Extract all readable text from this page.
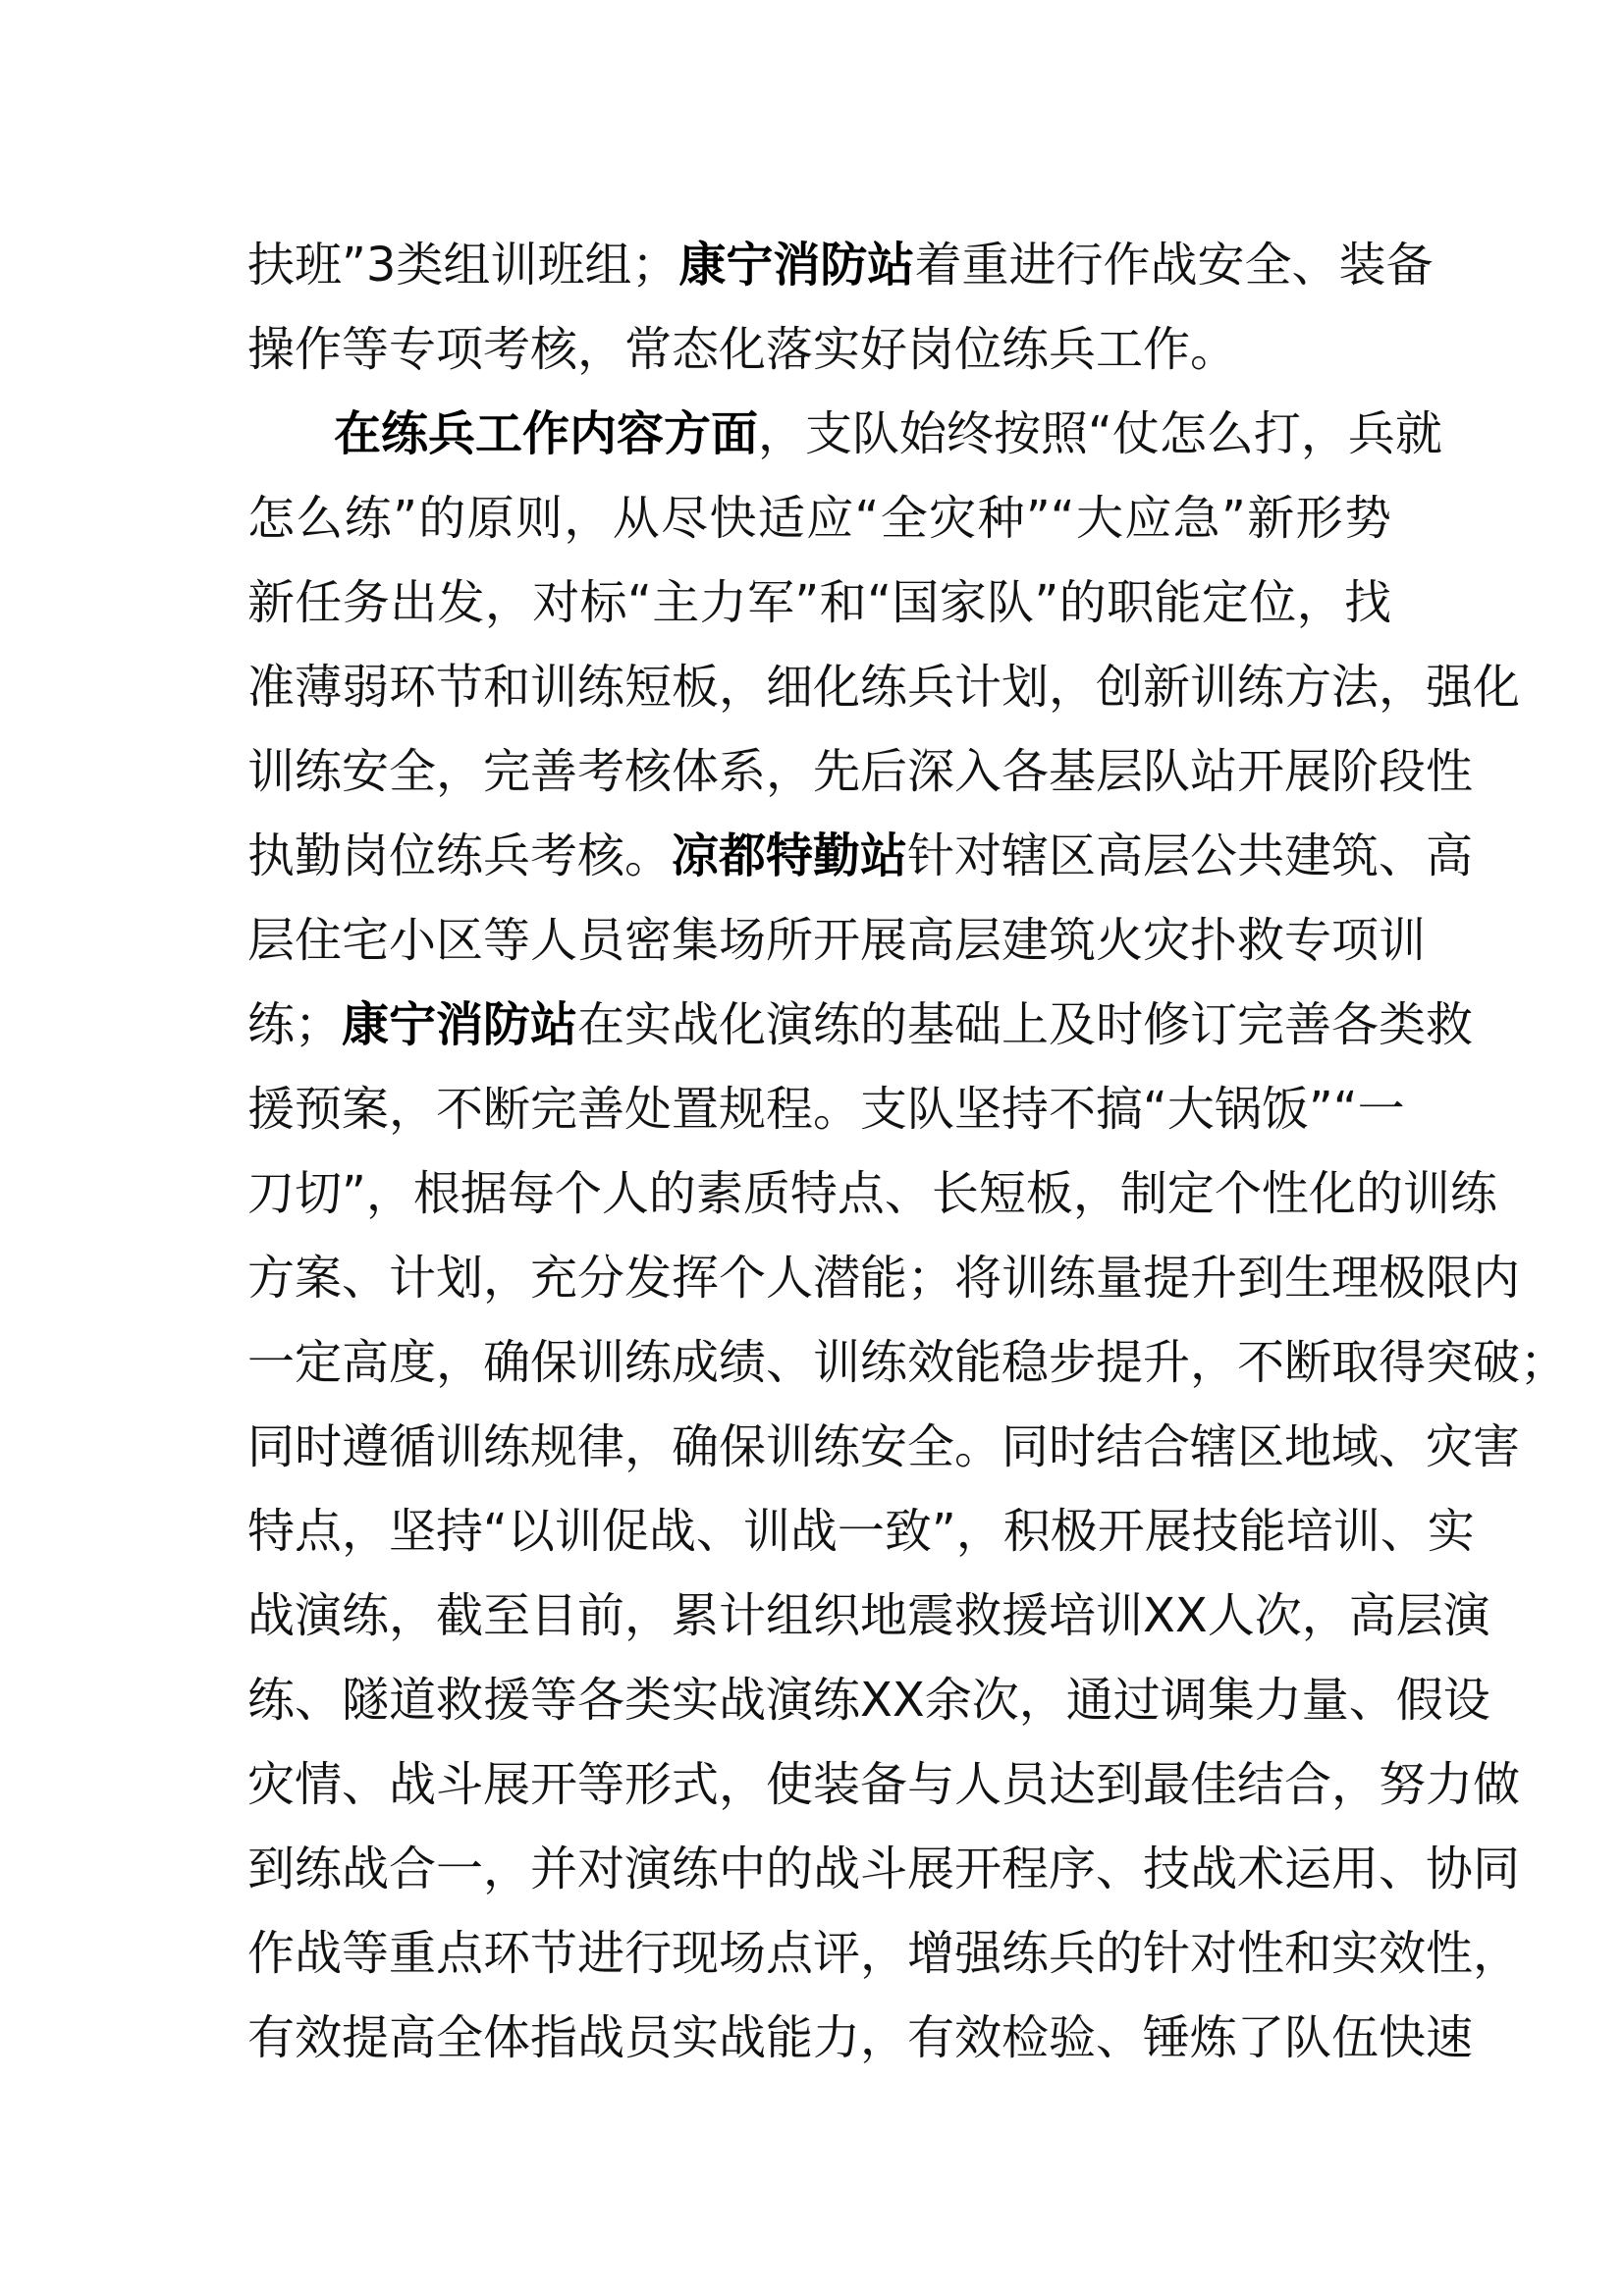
扶班”3类组训班组；康宁消防站着重进行作战安全、装备
操作等专项考核，常态化落实好岗位练兵工作。
在练兵工作内容方面，支队始终按照“仗怎么打，兵就
怎么练”的原则，从尽快适应“全灾种”“大应急”新形势
新任务出发，对标“主力军”和“国家队”的职能定位，找
准薄弱环节和训练短板，细化练兵计划，创新训练方法，强化
训练安全，完善考核体系，先后深入各基层队站开展阶段性
执勤岗位练兵考核。凉都特勤站针对辖区高层公共建筑、高
层住宅小区等人员密集场所开展高层建筑火灾扑救专项训
练；康宁消防站在实战化演练的基础上及时修订完善各类救
援预案，不断完善处置规程。支队坚持不搞“大锅饭”“一
刀切”，根据每个人的素质特点、长短板，制定个性化的训练
方案、计划，充分发挥个人潜能；将训练量提升到生理极限内
一定高度，确保训练成绩、训练效能稳步提升，不断取得突破；
同时遵循训练规律，确保训练安全。同时结合辖区地域、灾害
特点，坚持“以训促战、训战一致”，积极开展技能培训、实
战演练，截至目前，累计组织地震救援培训XX人次，高层演
练、隧道救援等各类实战演练XX余次，通过调集力量、假设
灾情、战斗展开等形式，使装备与人员达到最佳结合，努力做
到练战合一，并对演练中的战斗展开程序、技战术运用、协同
作战等重点环节进行现场点评，增强练兵的针对性和实效性，
有效提高全体指战员实战能力，有效检验、锤炼了队伍快速
